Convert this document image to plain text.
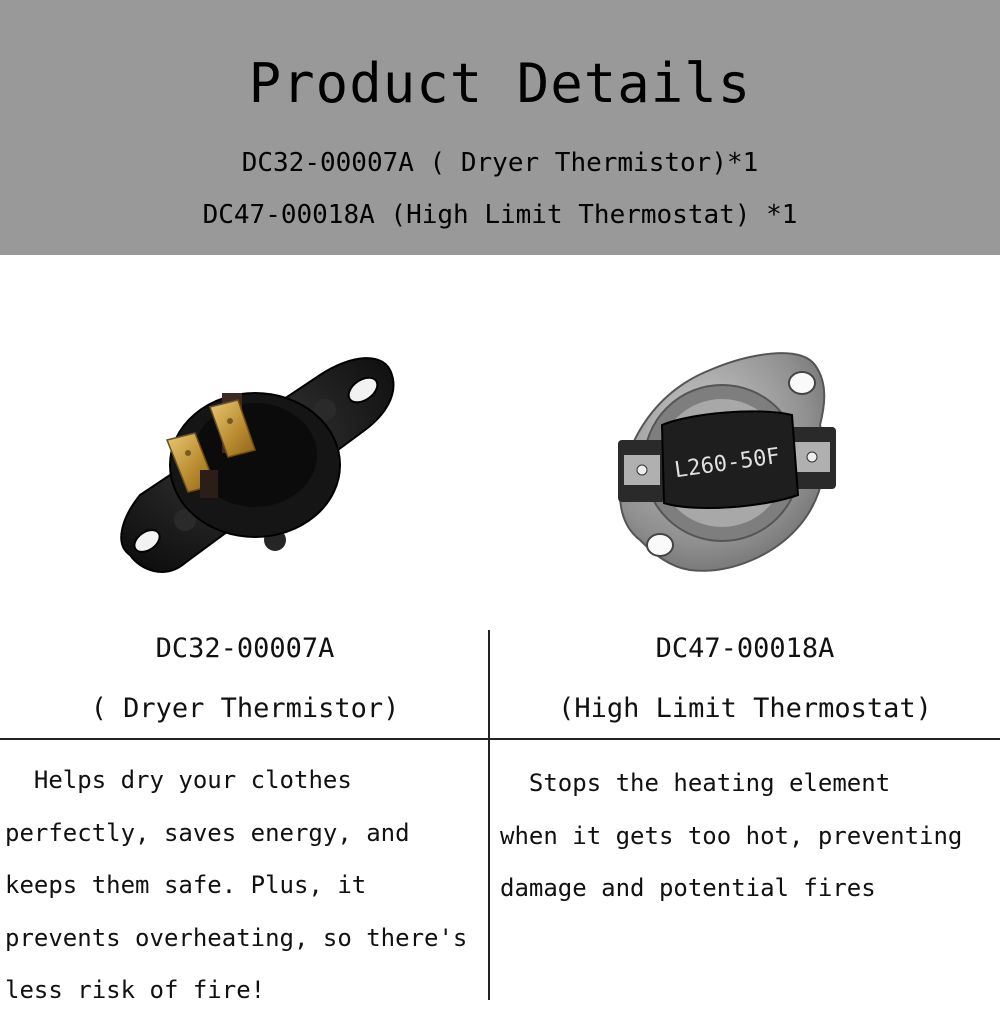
Product Details
DC32-00007A ( Dryer Thermistor)*1
DC47-00018A (High Limit Thermostat) *1
L260-50F
DC32-00007A
( Dryer Thermistor)
DC47-00018A
(High Limit Thermostat)
Helps dry your clothes
perfectly, saves energy, and
keeps them safe. Plus, it
prevents overheating, so there's
less risk of fire!
Stops the heating element
when it gets too hot, preventing
damage and potential fires
